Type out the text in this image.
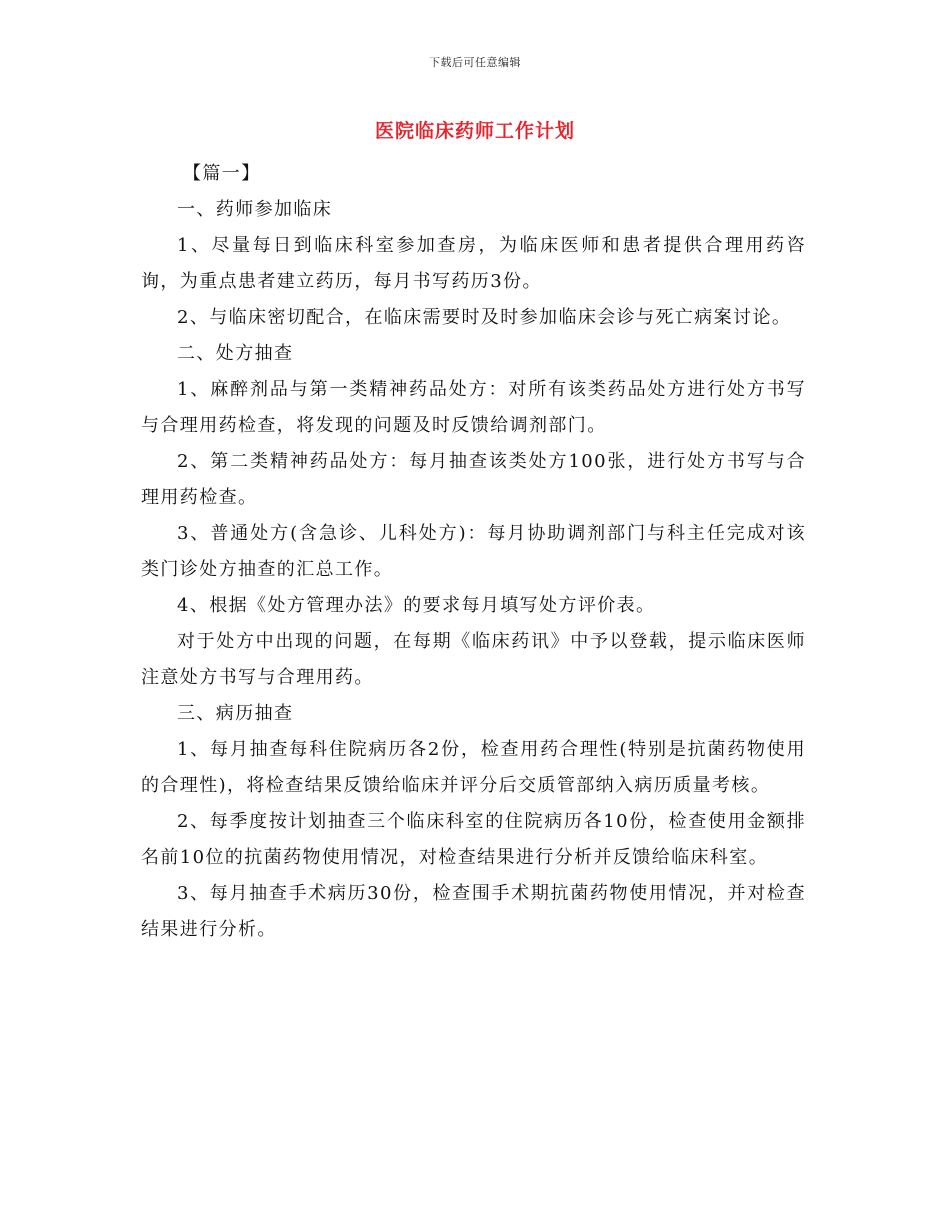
下载后可任意编辑
医院临床药师工作计划

【篇一】

一、药师参加临床

1、尽量每日到临床科室参加查房，为临床医师和患者提供合理用药咨询，为重点患者建立药历，每月书写药历3份。

2、与临床密切配合，在临床需要时及时参加临床会诊与死亡病案讨论。

二、处方抽查

1、麻醉剂品与第一类精神药品处方：对所有该类药品处方进行处方书写与合理用药检查，将发现的问题及时反馈给调剂部门。

2、第二类精神药品处方：每月抽查该类处方100张，进行处方书写与合理用药检查。

3、普通处方(含急诊、儿科处方)：每月协助调剂部门与科主任完成对该类门诊处方抽查的汇总工作。

4、根据《处方管理办法》的要求每月填写处方评价表。

对于处方中出现的问题，在每期《临床药讯》中予以登载，提示临床医师注意处方书写与合理用药。

三、病历抽查

1、每月抽查每科住院病历各2份，检查用药合理性(特别是抗菌药物使用的合理性)，将检查结果反馈给临床并评分后交质管部纳入病历质量考核。

2、每季度按计划抽查三个临床科室的住院病历各10份，检查使用金额排名前10位的抗菌药物使用情况，对检查结果进行分析并反馈给临床科室。

3、每月抽查手术病历30份，检查围手术期抗菌药物使用情况，并对检查结果进行分析。
